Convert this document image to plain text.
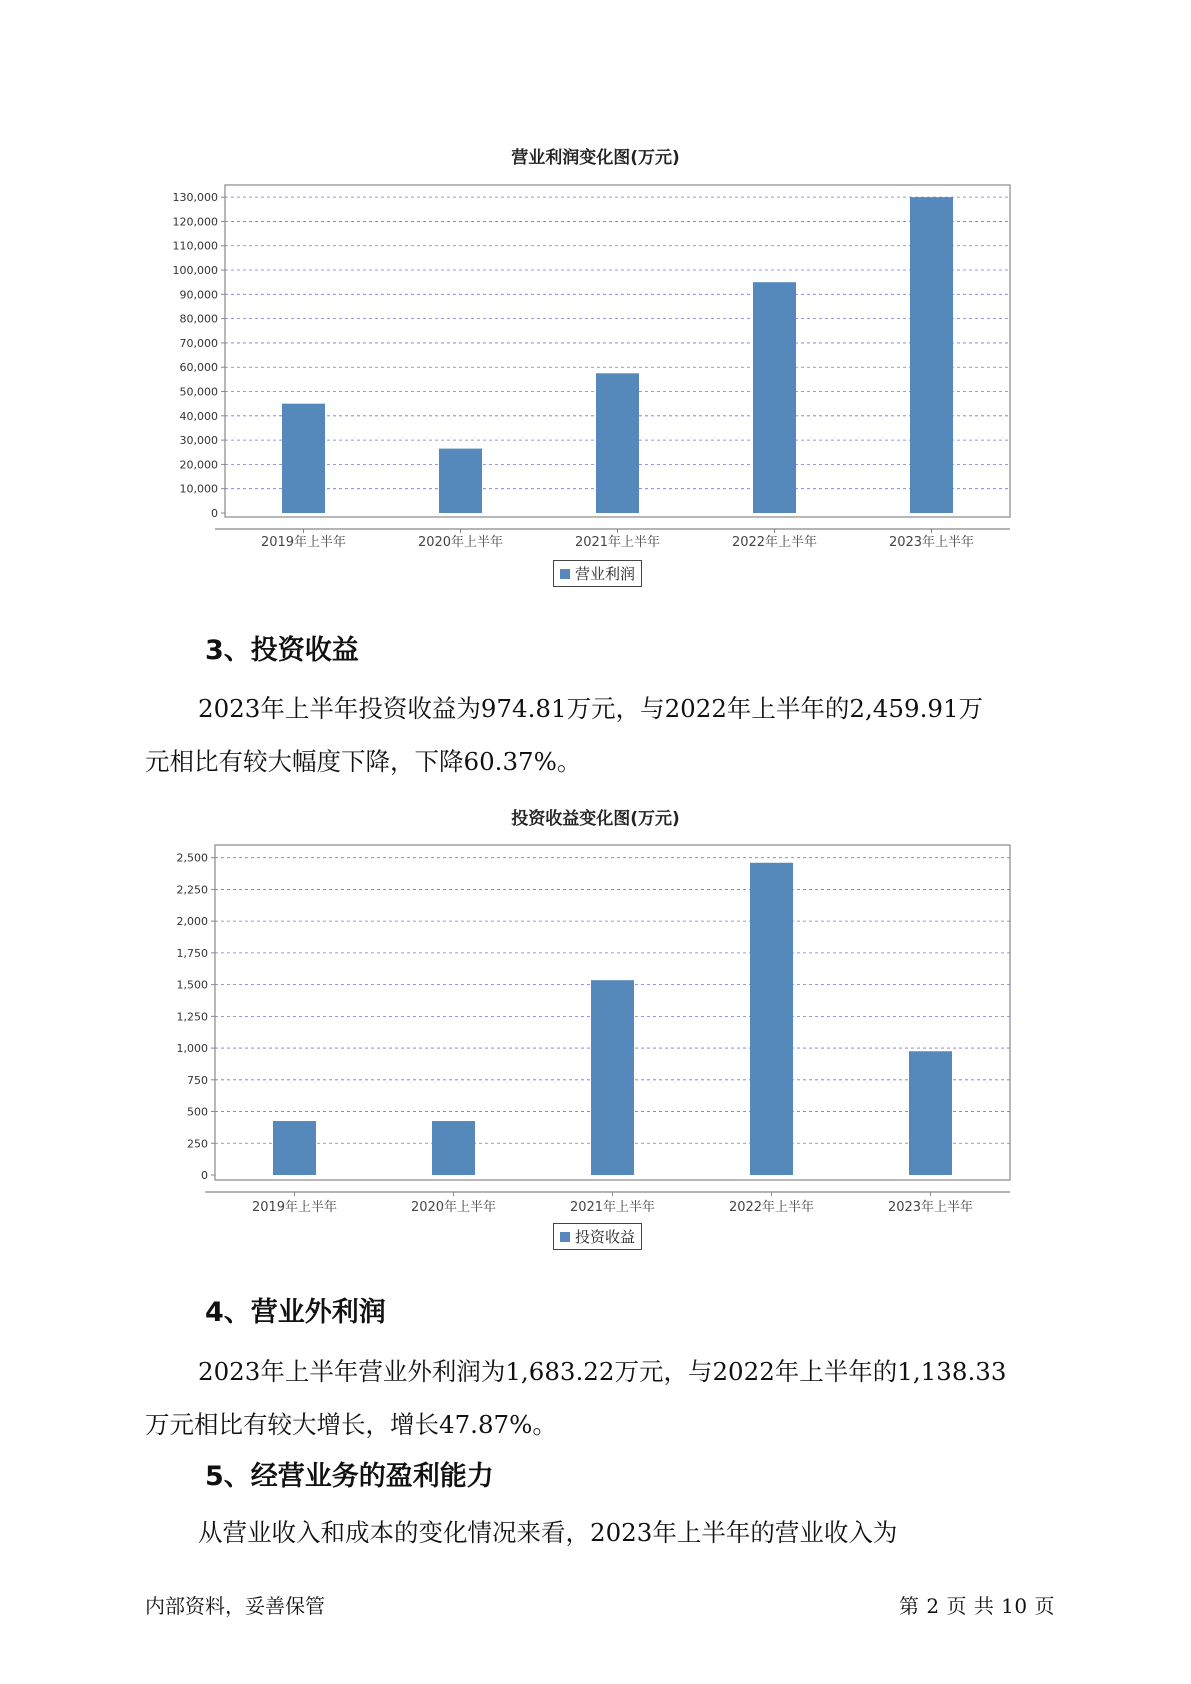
营业利润变化图(万元)
0
10,000
20,000
30,000
40,000
50,000
60,000
70,000
80,000
90,000
100,000
110,000
120,000
130,000
2019年上半年	2020年上半年	2021年上半年	2022年上半年	2023年上半年
营业利润
3、投资收益
2023年上半年投资收益为974.81万元，与2022年上半年的2,459.91万
元相比有较大幅度下降，下降60.37%。
投资收益变化图(万元)
0
250
500
750
1,000
1,250
1,500
1,750
2,000
2,250
2,500
2019年上半年	2020年上半年	2021年上半年	2022年上半年	2023年上半年
投资收益
4、营业外利润
2023年上半年营业外利润为1,683.22万元，与2022年上半年的1,138.33
万元相比有较大增长，增长47.87%。
5、经营业务的盈利能力
从营业收入和成本的变化情况来看，2023年上半年的营业收入为
内部资料，妥善保管	第 2 页 共 10 页
